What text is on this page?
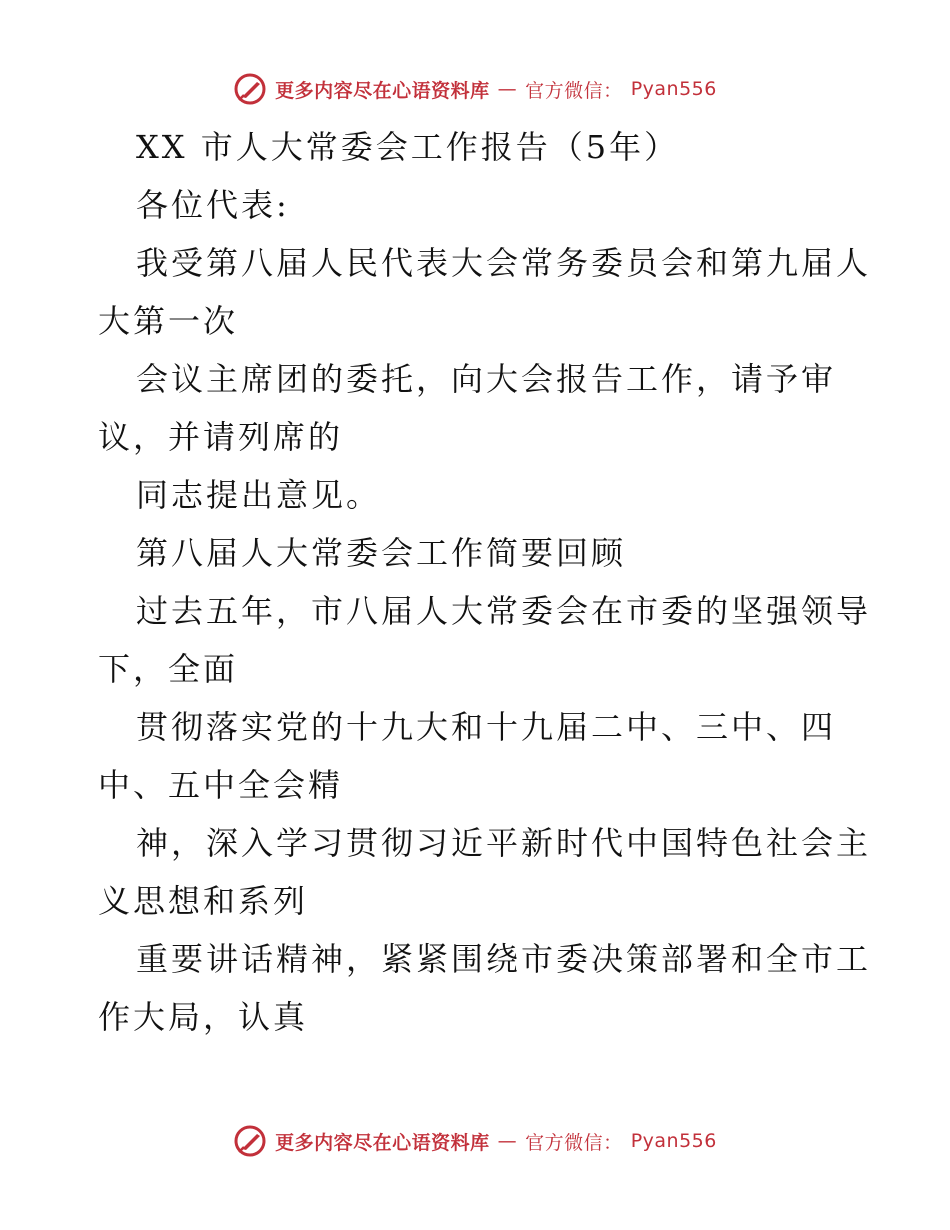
更多内容尽在心语资料库 — 官方微信： Pyan556
XX 市人大常委会工作报告（5年）
各位代表:
我受第八届人民代表大会常务委员会和第九届人
大第一次
会议主席团的委托，向大会报告工作，请予审
议，并请列席的
同志提出意见。
第八届人大常委会工作简要回顾
过去五年，市八届人大常委会在市委的坚强领导
下，全面
贯彻落实党的十九大和十九届二中、三中、四
中、五中全会精
神，深入学习贯彻习近平新时代中国特色社会主
义思想和系列
重要讲话精神，紧紧围绕市委决策部署和全市工
作大局，认真
更多内容尽在心语资料库 — 官方微信： Pyan556
